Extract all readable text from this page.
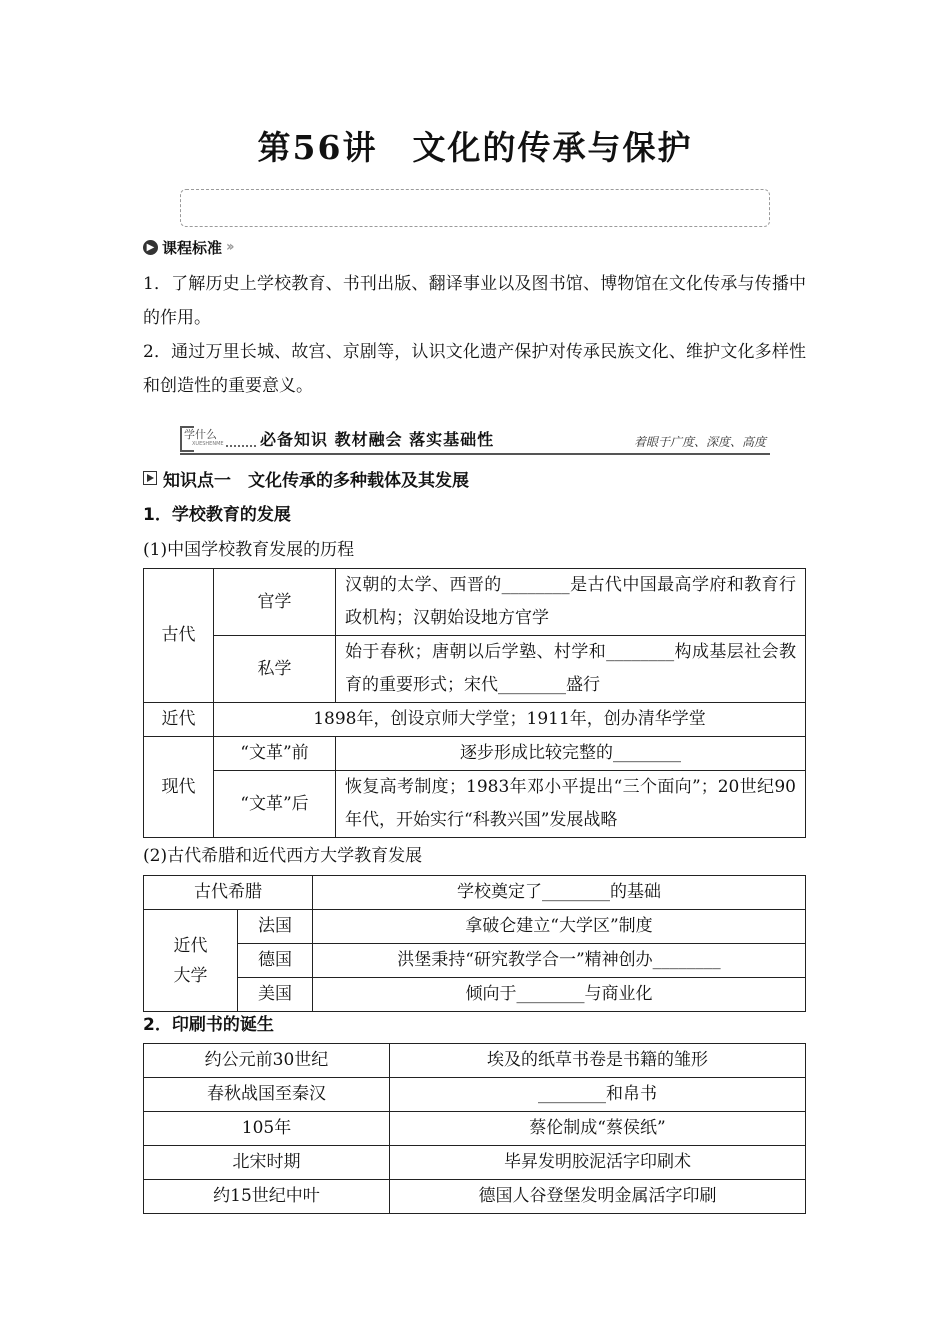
第56讲　文化的传承与保护
▶ 课程标准 ››
1．了解历史上学校教育、书刊出版、翻译事业以及图书馆、博物馆在文化传承与传播中的作用。
2．通过万里长城、故宫、京剧等，认识文化遗产保护对传承民族文化、维护文化多样性和创造性的重要意义。
学什么
XUESHENME 必备知识 教材融会 落实基础性	着眼于广度、深度、高度
知识点一　文化传承的多种载体及其发展
1．学校教育的发展
(1)中国学校教育发展的历程
古代	官学	汉朝的太学、西晋的________是古代中国最高学府和教育行政机构；汉朝始设地方官学
	私学	始于春秋；唐朝以后学塾、村学和________构成基层社会教育的重要形式；宋代________盛行
近代	1898年，创设京师大学堂；1911年，创办清华学堂	
现代	“文革”前	逐步形成比较完整的________
	“文革”后	恢复高考制度；1983年邓小平提出“三个面向”；20世纪90年代，开始实行“科教兴国”发展战略
(2)古代希腊和近代西方大学教育发展
古代希腊		学校奠定了________的基础
近代大学	法国	拿破仑建立“大学区”制度
	德国	洪堡秉持“研究教学合一”精神创办________
	美国	倾向于________与商业化
2．印刷书的诞生
约公元前30世纪	埃及的纸草书卷是书籍的雏形
春秋战国至秦汉	________和帛书
105年	蔡伦制成“蔡侯纸”
北宋时期	毕昇发明胶泥活字印刷术
约15世纪中叶	德国人谷登堡发明金属活字印刷
